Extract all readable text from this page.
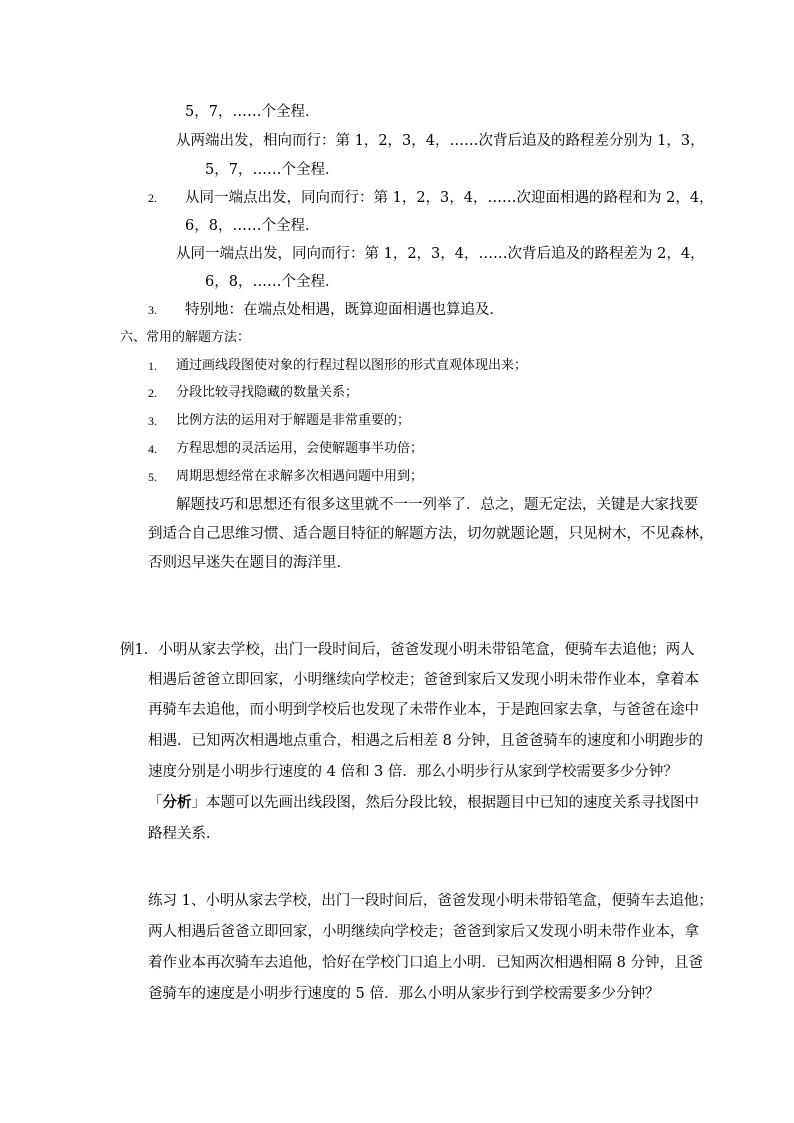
5，7，……个全程．
从两端出发，相向而行：第 1，2，3，4，……次背后追及的路程差分别为 1，3，
5，7，……个全程．
2. 从同一端点出发，同向而行：第 1，2，3，4，……次迎面相遇的路程和为 2，4，
6，8，……个全程．
从同一端点出发，同向而行：第 1，2，3，4，……次背后追及的路程差为 2，4，
6，8，……个全程．
3. 特别地：在端点处相遇，既算迎面相遇也算追及．
六、常用的解题方法：
1. 通过画线段图使对象的行程过程以图形的形式直观体现出来；
2. 分段比较寻找隐藏的数量关系；
3. 比例方法的运用对于解题是非常重要的；
4. 方程思想的灵活运用，会使解题事半功倍；
5. 周期思想经常在求解多次相遇问题中用到；
解题技巧和思想还有很多这里就不一一列举了．总之，题无定法，关键是大家找要
到适合自己思维习惯、适合题目特征的解题方法，切勿就题论题，只见树木，不见森林，
否则迟早迷失在题目的海洋里．
例1．小明从家去学校，出门一段时间后，爸爸发现小明未带铅笔盒，便骑车去追他；两人
相遇后爸爸立即回家，小明继续向学校走；爸爸到家后又发现小明未带作业本，拿着本
再骑车去追他，而小明到学校后也发现了未带作业本，于是跑回家去拿，与爸爸在途中
相遇．已知两次相遇地点重合，相遇之后相差 8 分钟，且爸爸骑车的速度和小明跑步的
速度分别是小明步行速度的 4 倍和 3 倍．那么小明步行从家到学校需要多少分钟？
「分析」本题可以先画出线段图，然后分段比较，根据题目中已知的速度关系寻找图中
路程关系．
练习 1、小明从家去学校，出门一段时间后，爸爸发现小明未带铅笔盒，便骑车去追他；
两人相遇后爸爸立即回家，小明继续向学校走；爸爸到家后又发现小明未带作业本，拿
着作业本再次骑车去追他，恰好在学校门口追上小明．已知两次相遇相隔 8 分钟，且爸
爸骑车的速度是小明步行速度的 5 倍．那么小明从家步行到学校需要多少分钟？
